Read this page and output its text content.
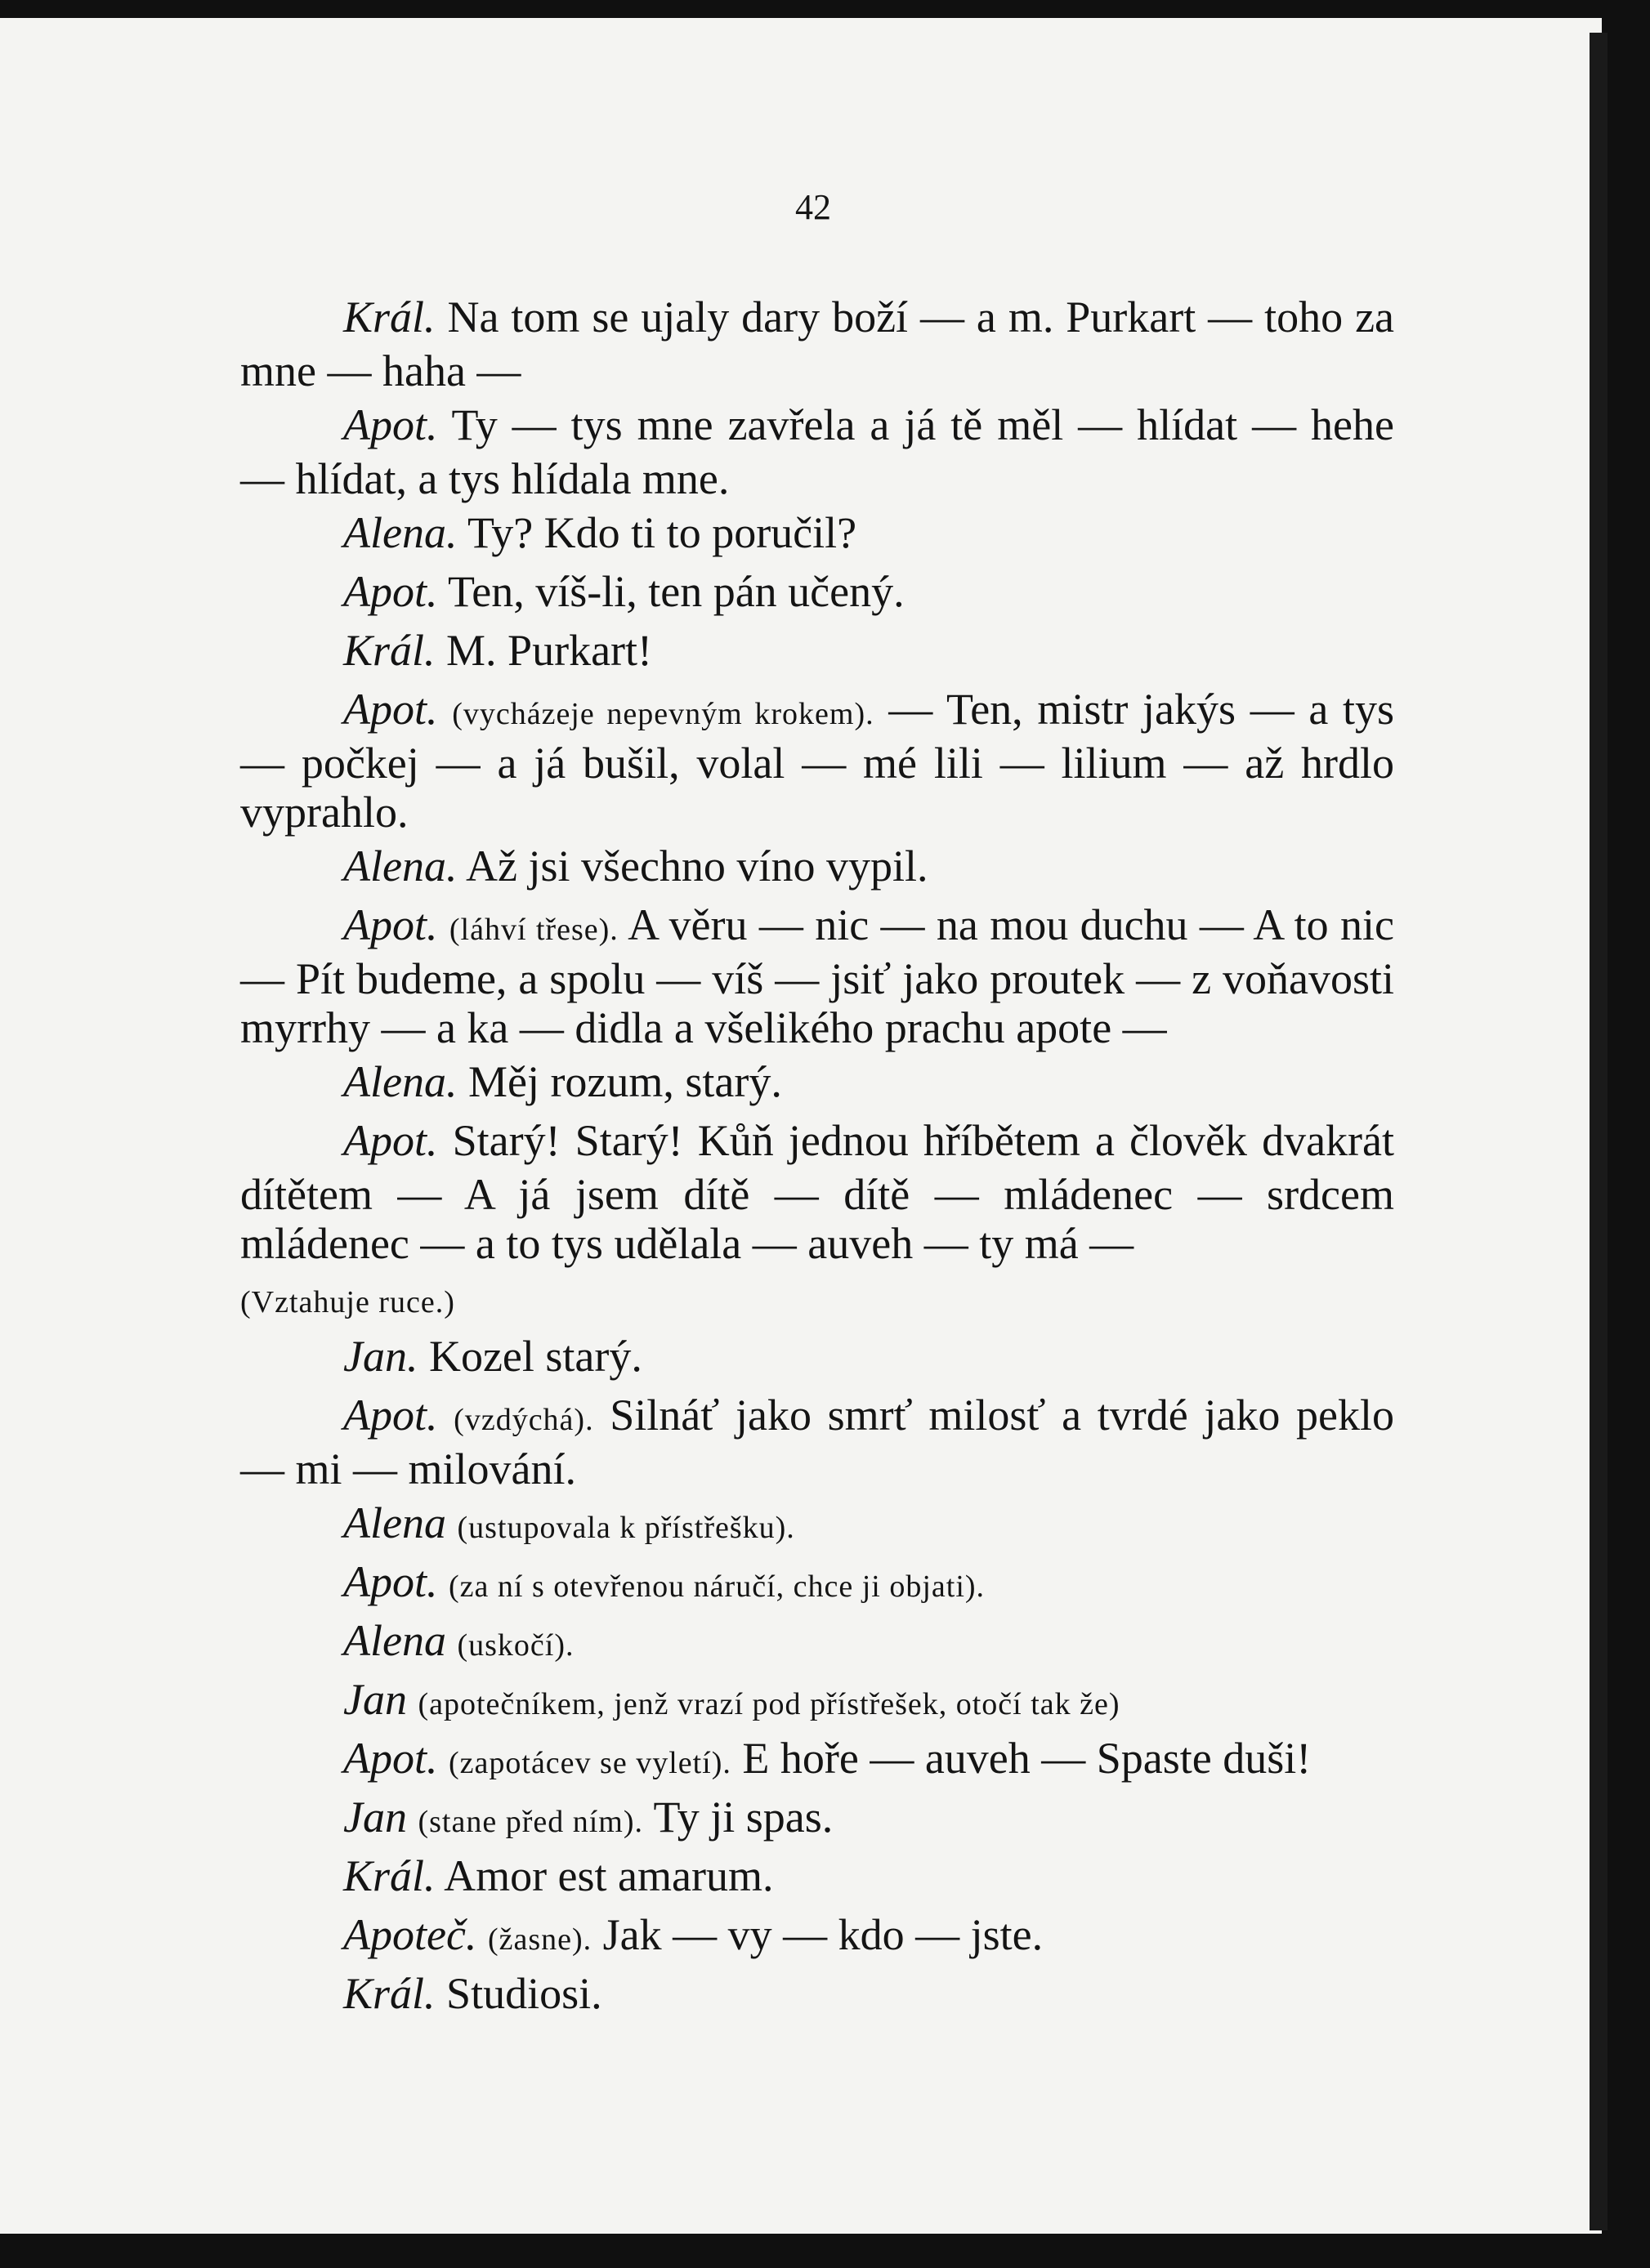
42

Král. Na tom se ujaly dary boží — a m. Purkart — toho za mne — haha —

Apot. Ty — tys mne zavřela a já tě měl — hlídat — hehe — hlídat, a tys hlídala mne.

Alena. Ty? Kdo ti to poručil?

Apot. Ten, víš-li, ten pán učený.

Král. M. Purkart!

Apot. (vycházeje nepevným krokem). — Ten, mistr jakýs — a tys — počkej — a já bušil, volal — mé lili — lilium — až hrdlo vyprahlo.

Alena. Až jsi všechno víno vypil.

Apot. (láhví třese). A věru — nic — na mou duchu — A to nic — Pít budeme, a spolu — víš — jsiť jako proutek — z voňavosti myrrhy — a ka — didla a všelikého prachu apote —

Alena. Měj rozum, starý.

Apot. Starý! Starý! Kůň jednou hříbětem a člověk dvakrát dítětem — A já jsem dítě — dítě — mládenec — srdcem mládenec — a to tys udělala — auveh — ty má —

(Vztahuje ruce.)

Jan. Kozel starý.

Apot. (vzdýchá). Silnáť jako smrť milosť a tvrdé jako peklo — mi — milování.

Alena (ustupovala k přístřešku).

Apot. (za ní s otevřenou náručí, chce ji objati).

Alena (uskočí).

Jan (apotečníkem, jenž vrazí pod přístřešek, otočí tak že)

Apot. (zapotácev se vyletí). E hoře — auveh — Spaste duši!

Jan (stane před ním). Ty ji spas.

Král. Amor est amarum.

Apoteč. (žasne). Jak — vy — kdo — jste.

Král. Studiosi.
